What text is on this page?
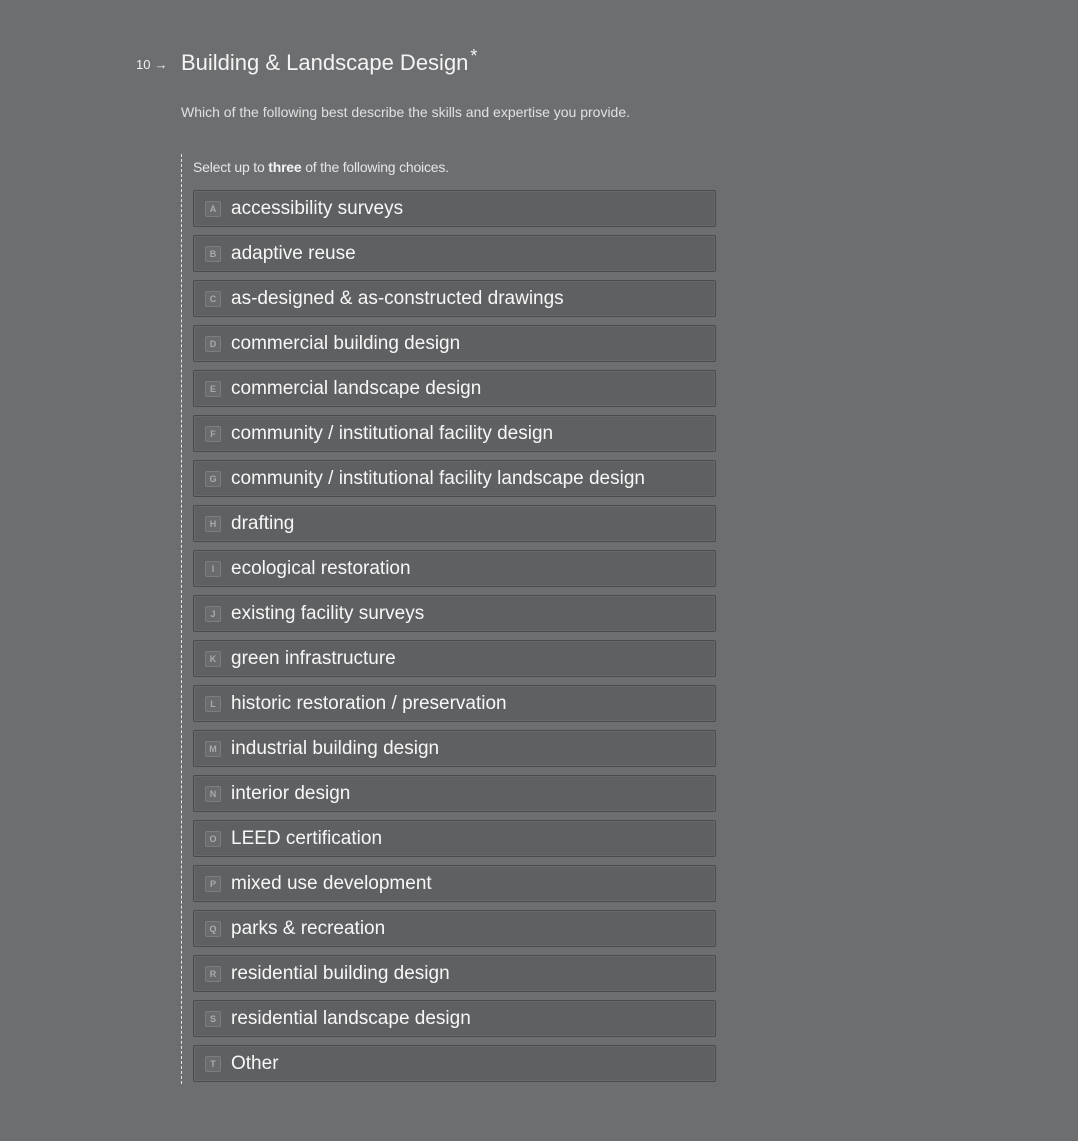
10 → Building & Landscape Design *
Which of the following best describe the skills and expertise you provide.
Select up to three of the following choices.
A accessibility surveys
B adaptive reuse
C as-designed & as-constructed drawings
D commercial building design
E commercial landscape design
F community / institutional facility design
G community / institutional facility landscape design
H drafting
I ecological restoration
J existing facility surveys
K green infrastructure
L historic restoration / preservation
M industrial building design
N interior design
O LEED certification
P mixed use development
Q parks & recreation
R residential building design
S residential landscape design
T Other
